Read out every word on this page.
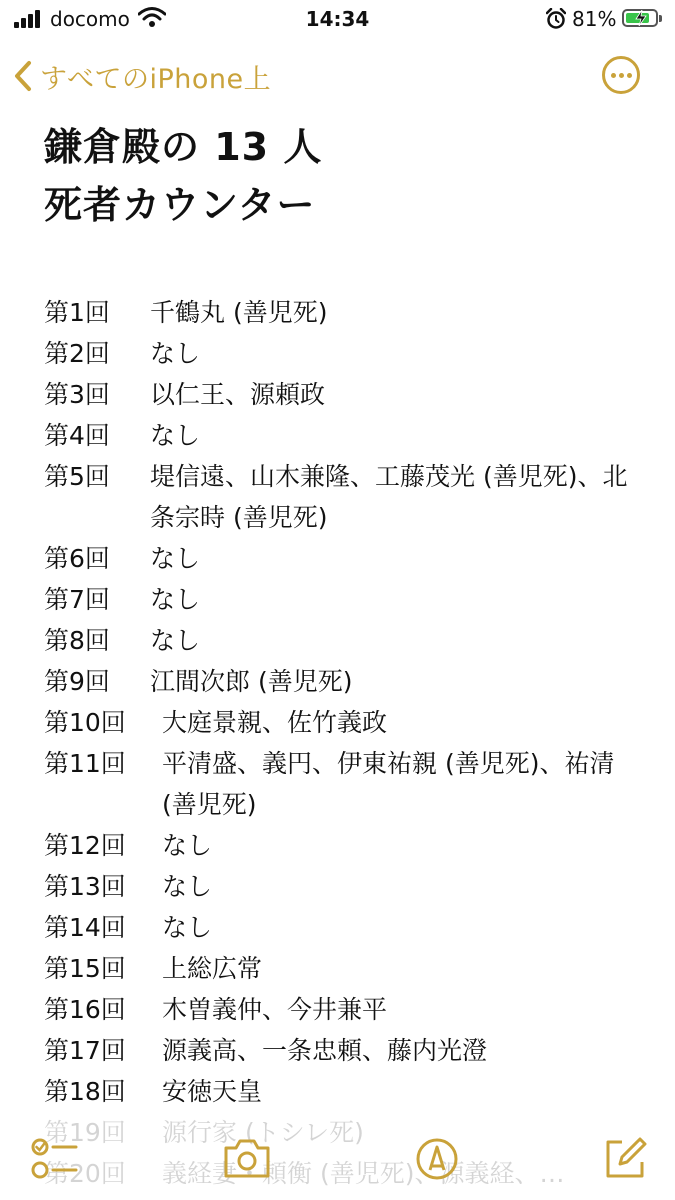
docomo	14:34	81%
すべてのiPhone上
鎌倉殿の 13 人
死者カウンター
第1回	千鶴丸 (善児死)
第2回	なし
第3回	以仁王、源頼政
第4回	なし
第5回	堤信遠、山木兼隆、工藤茂光 (善児死)、北条宗時 (善児死)
第6回	なし
第7回	なし
第8回	なし
第9回	江間次郎 (善児死)
第10回	大庭景親、佐竹義政
第11回	平清盛、義円、伊東祐親 (善児死)、祐清 (善児死)
第12回	なし
第13回	なし
第14回	なし
第15回	上総広常
第16回	木曽義仲、今井兼平
第17回	源義高、一条忠頼、藤内光澄
第18回	安徳天皇
